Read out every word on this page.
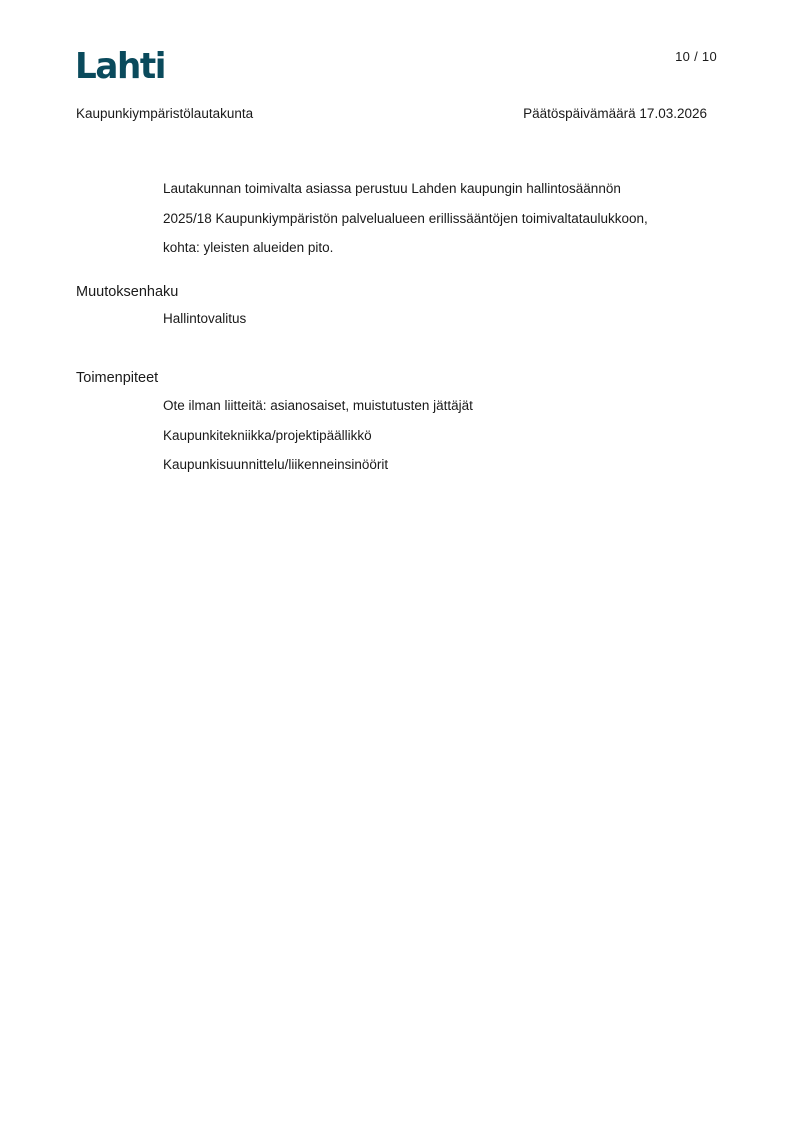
Lahti	10 / 10
Kaupunkiympäristölautakunta	Päätöspäivämäärä 17.03.2026
Lautakunnan toimivalta asiassa perustuu Lahden kaupungin hallintosäännön
2025/18 Kaupunkiympäristön palvelualueen erillissääntöjen toimivaltataulukkoon,
kohta: yleisten alueiden pito.
Muutoksenhaku
Hallintovalitus
Toimenpiteet
Ote ilman liitteitä: asianosaiset, muistutusten jättäjät
Kaupunkitekniikka/projektipäällikkö
Kaupunkisuunnittelu/liikenneinsinöörit
